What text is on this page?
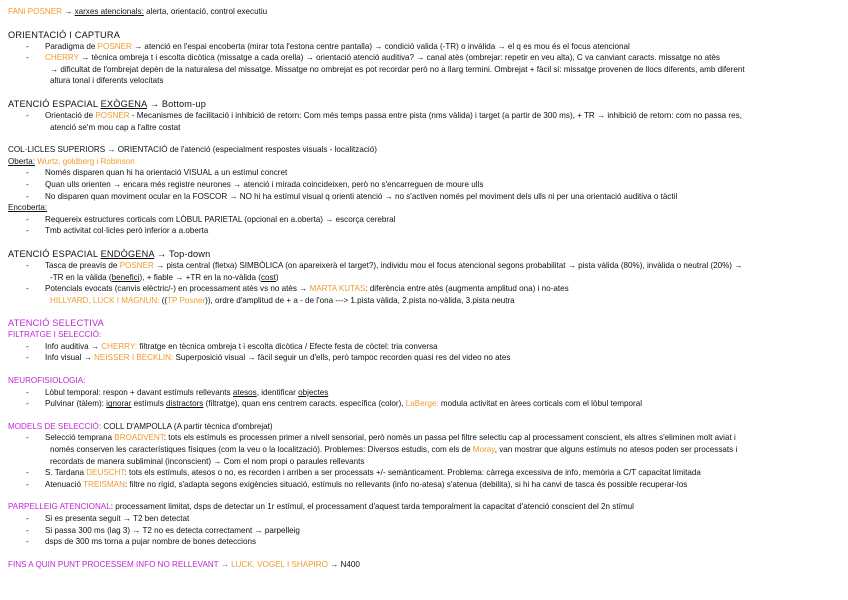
FANi POSNER → xarxes atencionals: alerta, orientació, control executiu
ORIENTACIÓ I CAPTURA
- Paradigma de POSNER → atenció en l'espai encoberta (mirar tota l'estona centre pantalla) → condició valida (-TR) o invàlida → el q es mou és el focus atencional
- CHERRY → tècnica ombreja t i escolta dicòtica (missatge a cada orella) → orientació atenció auditiva? → canal atès (ombrejar: repetir en veu alta), C va canviant caracts. missatge no atès
→ dificultat de l'ombrejat depèn de la naturalesa del missatge. Missatge no ombrejat es pot recordar però no a llarg termini. Ombrejat + fàcil si: missatge provenen de llocs diferents, amb diferent
altura tonal i diferents velocitats
ATENCIÓ ESPACIAL EXÒGENA → Bottom-up
- Orientació de POSNER - Mecanismes de facilitació i inhibició de retorn: Com més temps passa entre pista (nms vàlida) i target (a partir de 300 ms), + TR → inhibició de retorn: com no passa res,
atenció se'm mou cap a l'altre costat
COL·LICLES SUPERIORS → ORIENTACIÓ de l'atenció (especialment respostes visuals - localització)
Oberta: Wurtz, goldberg i Robinson
- Només disparen quan hi ha orientació VISUAL a un estímul concret
- Quan ulls orienten → encara més registre neurones → atenció i mirada coincideixen, però no s'encarreguen de moure ulls
- No disparen quan moviment ocular en la FOSCOR → NO hi ha estímul visual q orienti atenció → no s'activen només pel moviment dels ulls ni per una orientació auditiva o tàctil
Encoberta:
- Requereix estructures corticals com LÒBUL PARIETAL (opcional en a.oberta) → escorça cerebral
- Tmb activitat col·licles però inferior a a.oberta
ATENCIÓ ESPACIAL ENDÒGENA → Top-down
- Tasca de preavís de POSNER → pista central (fletxa) SIMBÒLICA (on apareixerà el target?), individu mou el focus atencional segons probabilitat → pista vàlida (80%), invàlida o neutral (20%) →
-TR en la vàlida (benefici), + fiable → +TR en la no-vàlida (cost)
- Potencials evocats (canvis elèctric/-) en processament atès vs no atès → MARTA KUTAS: diferència entre atès (augmenta amplitud ona) i no-ates
HILLYARD, LUCK I MAGNUN: ((TP Posner)), ordre d'amplitud de + a - de l'ona ---> 1.pista vàlida, 2.pista no-vàlida, 3.pista neutra
ATENCIÓ SELECTIVA
FILTRATGE I SELECCIÓ:
- Info auditiva → CHERRY: filtratge en tècnica ombreja t i escolta dicòtica / Efecte festa de còctel: tria conversa
- Info visual → NEISSER I BECKLIN: Superposició visual → fàcil seguir un d'ells, però tampoc recorden quasi res del video no ates
NEUROFISIOLOGIA:
- Lòbul temporal: respon + davant estímuls rellevants atesos, identificar objectes
- Pulvinar (tàlem): ignorar estímuls distractors (filtratge), quan ens centrem caracts. específica (color), LaBerge: modula activitat en àrees corticals com el lòbul temporal
MODELS DE SELECCIÓ: COLL D'AMPOLLA (A partir tècnica d'ombrejat)
- Selecció temprana BROADVENT: tots els estímuls es processen primer a nivell sensorial, però només un passa pel filtre selectiu cap al processament conscient, els altres s'eliminen molt aviat i
només conserven les característiques físiques (com la veu o la localització). Problemes: Diversos estudis, com els de Moray, van mostrar que alguns estímuls no atesos poden ser processats i
recordats de manera subliminal (inconscient) → Com el nom propi o paraules rellevants
- S. Tardana DEUSCHT: tots els estímuls, atesos o no, es recorden i arriben a ser processats +/- semànticament. Problema: càrrega excessiva de info, memòria a C/T capacitat limitada
- Atenuació TREISMAN: filtre no rígid, s'adapta segons exigències situació, estímuls no rellevants (info no-atesa) s'atenua (debilita), si hi ha canvi de tasca és possible recuperar-los
PARPELLEIG ATENCIONAL: processament limitat, dsps de detectar un 1r estímul, el processament d'aquest tarda temporalment la capacitat d'atenció conscient del 2n stímul
- Si es presenta seguit → T2 ben detectat
- Si passa 300 ms (lag 3) → T2 no es detecta correctament → parpelleig
- dsps de 300 ms torna a pujar nombre de bones deteccions
FINS A QUIN PUNT PROCESSEM INFO NO RELLEVANT → LUCK, VOGEL I SHAPIRO → N400
